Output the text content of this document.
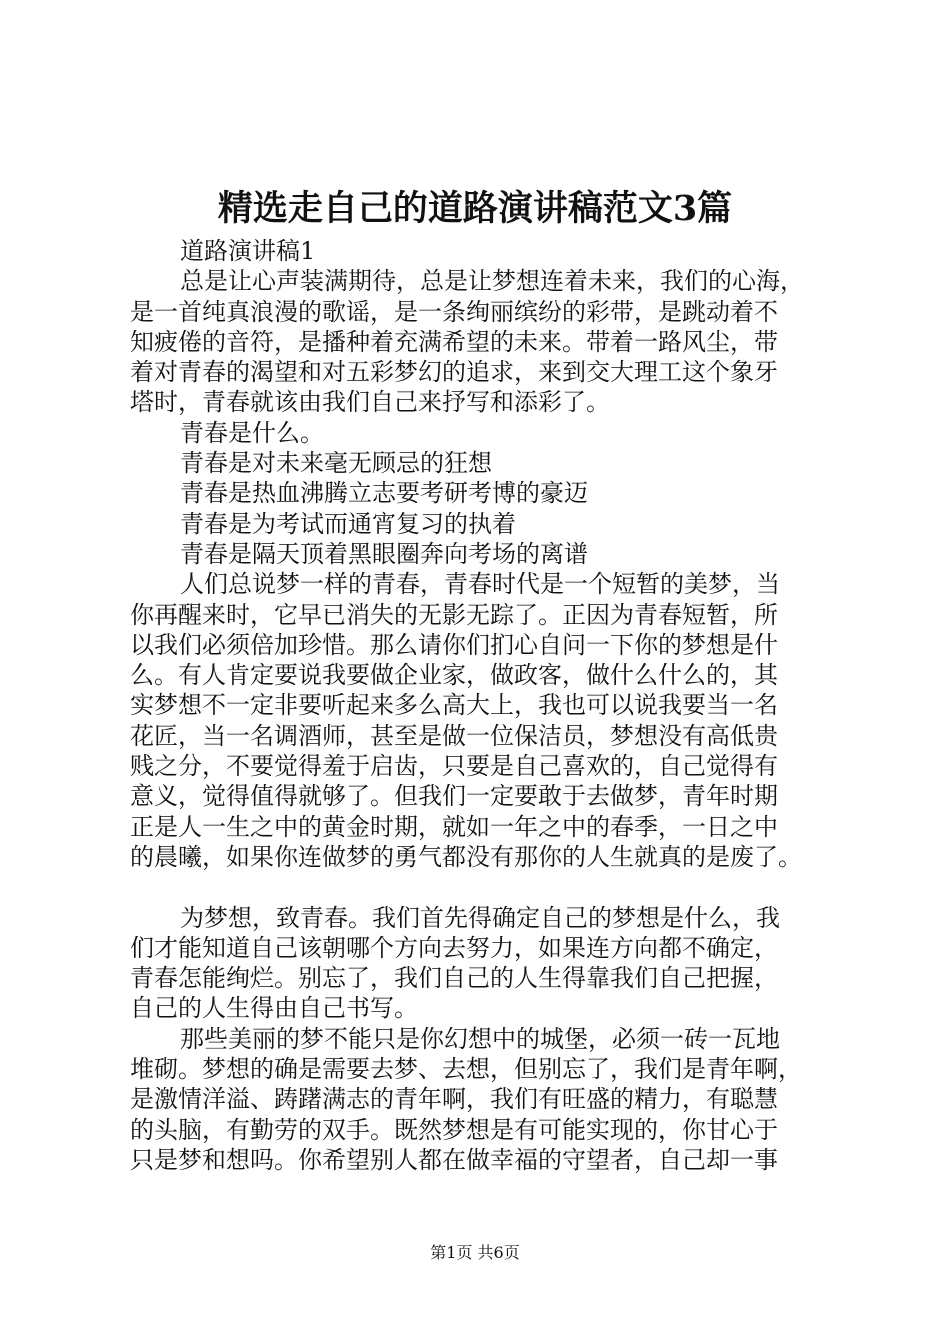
精选走自己的道路演讲稿范文3篇
道路演讲稿1
总是让心声装满期待，总是让梦想连着未来，我们的心海，
是一首纯真浪漫的歌谣，是一条绚丽缤纷的彩带，是跳动着不
知疲倦的音符，是播种着充满希望的未来。带着一路风尘，带
着对青春的渴望和对五彩梦幻的追求，来到交大理工这个象牙
塔时，青春就该由我们自己来抒写和添彩了。
青春是什么。
青春是对未来毫无顾忌的狂想
青春是热血沸腾立志要考研考博的豪迈
青春是为考试而通宵复习的执着
青春是隔天顶着黑眼圈奔向考场的离谱
人们总说梦一样的青春，青春时代是一个短暂的美梦，当
你再醒来时，它早已消失的无影无踪了。正因为青春短暂，所
以我们必须倍加珍惜。那么请你们扪心自问一下你的梦想是什
么。有人肯定要说我要做企业家，做政客，做什么什么的，其
实梦想不一定非要听起来多么高大上，我也可以说我要当一名
花匠，当一名调酒师，甚至是做一位保洁员，梦想没有高低贵
贱之分，不要觉得羞于启齿，只要是自己喜欢的，自己觉得有
意义，觉得值得就够了。但我们一定要敢于去做梦，青年时期
正是人一生之中的黄金时期，就如一年之中的春季，一日之中
的晨曦，如果你连做梦的勇气都没有那你的人生就真的是废了。
为梦想，致青春。我们首先得确定自己的梦想是什么，我
们才能知道自己该朝哪个方向去努力，如果连方向都不确定，
青春怎能绚烂。别忘了，我们自己的人生得靠我们自己把握，
自己的人生得由自己书写。
那些美丽的梦不能只是你幻想中的城堡，必须一砖一瓦地
堆砌。梦想的确是需要去梦、去想，但别忘了，我们是青年啊，
是激情洋溢、踌躇满志的青年啊，我们有旺盛的精力，有聪慧
的头脑，有勤劳的双手。既然梦想是有可能实现的，你甘心于
只是梦和想吗。你希望别人都在做幸福的守望者，自己却一事
第1页 共6页
